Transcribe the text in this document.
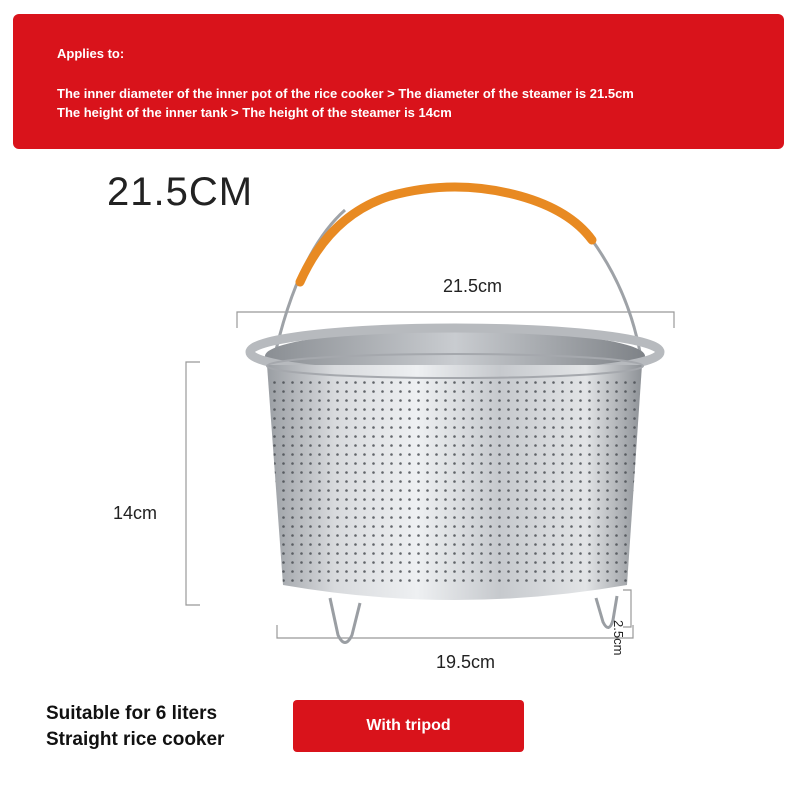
Applies to:
The inner diameter of the inner pot of the rice cooker > The diameter of the steamer is 21.5cm
The height of the inner tank > The height of the steamer is 14cm
21.5CM
21.5cm
14cm
19.5cm
2.5cm
Suitable for 6 liters
Straight rice cooker
With tripod
